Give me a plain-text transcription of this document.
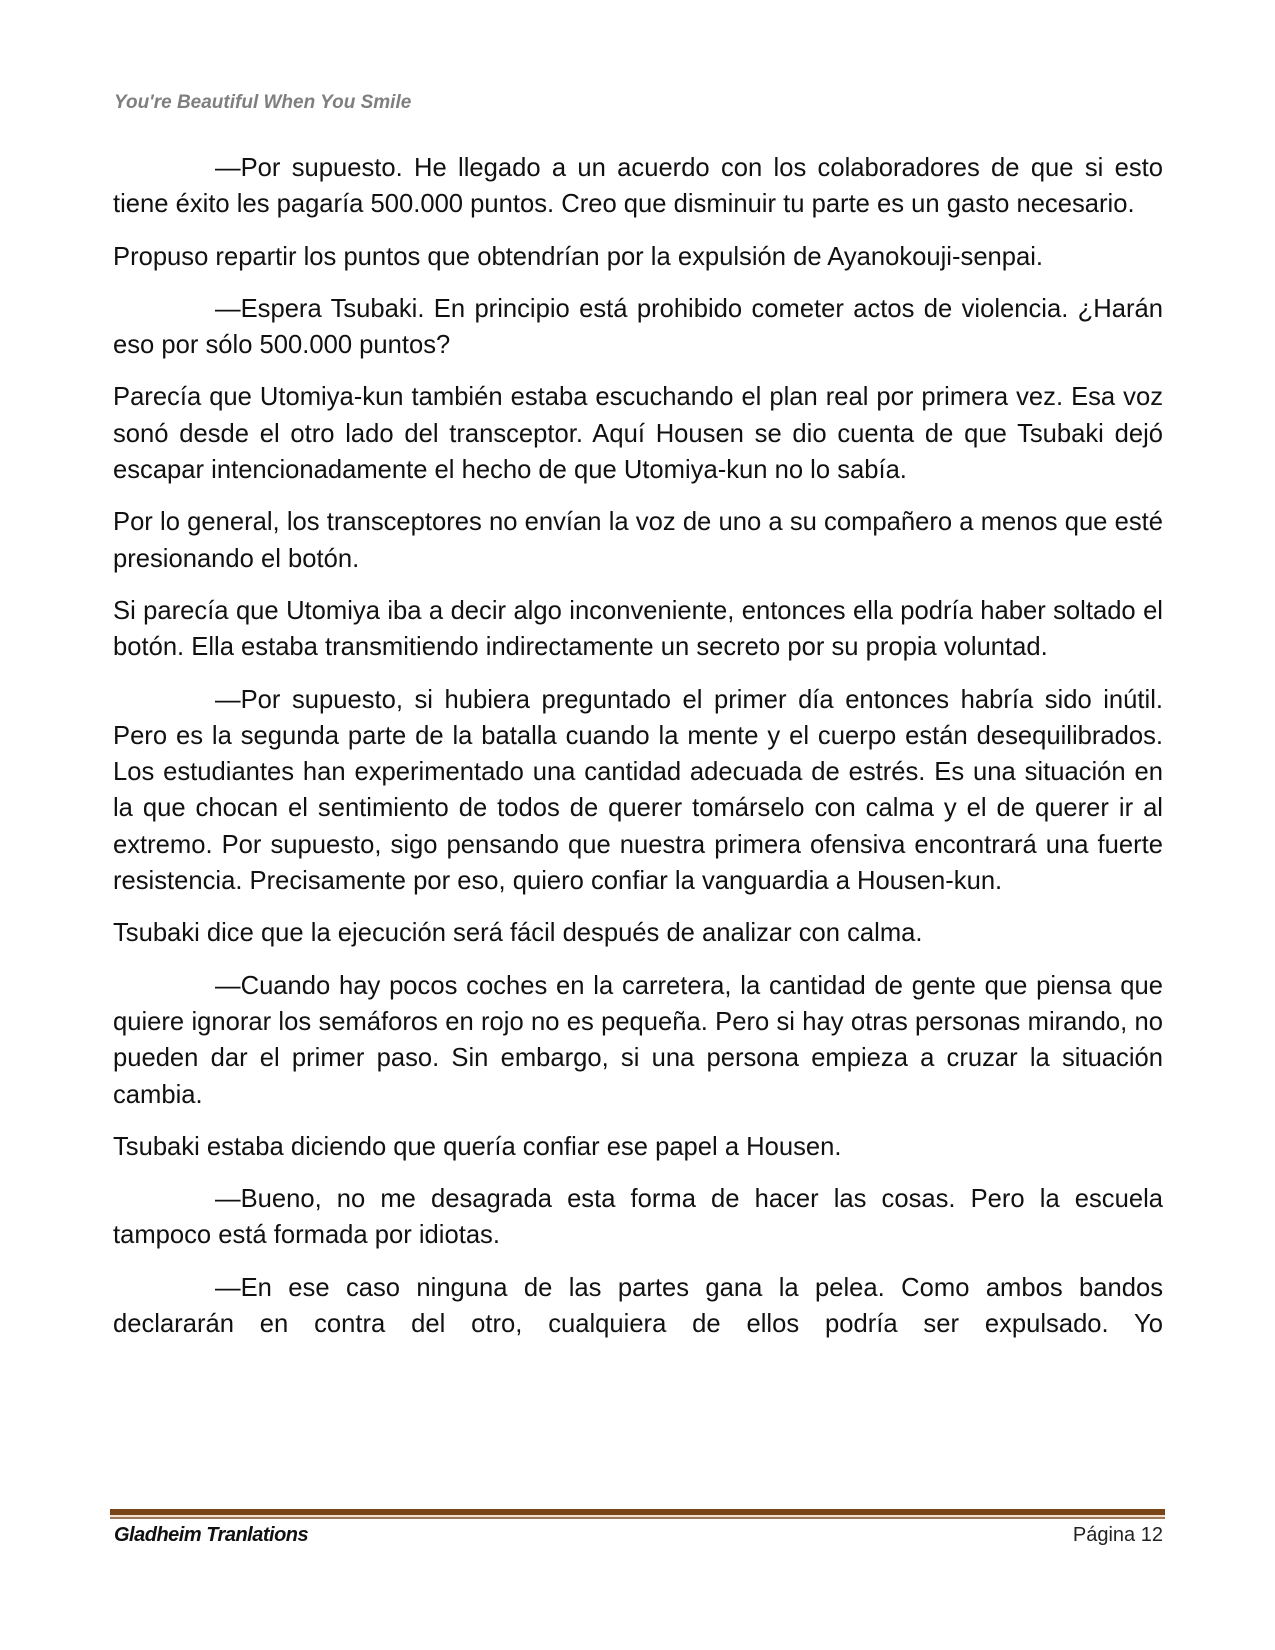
You're Beautiful When You Smile

—Por supuesto. He llegado a un acuerdo con los colaboradores de que si esto tiene éxito les pagaría 500.000 puntos. Creo que disminuir tu parte es un gasto necesario.

Propuso repartir los puntos que obtendrían por la expulsión de Ayanokouji-senpai.

—Espera Tsubaki. En principio está prohibido cometer actos de violencia. ¿Harán eso por sólo 500.000 puntos?

Parecía que Utomiya-kun también estaba escuchando el plan real por primera vez. Esa voz sonó desde el otro lado del transceptor. Aquí Housen se dio cuenta de que Tsubaki dejó escapar intencionadamente el hecho de que Utomiya-kun no lo sabía.

Por lo general, los transceptores no envían la voz de uno a su compañero a menos que esté presionando el botón.

Si parecía que Utomiya iba a decir algo inconveniente, entonces ella podría haber soltado el botón. Ella estaba transmitiendo indirectamente un secreto por su propia voluntad.

—Por supuesto, si hubiera preguntado el primer día entonces habría sido inútil. Pero es la segunda parte de la batalla cuando la mente y el cuerpo están desequilibrados. Los estudiantes han experimentado una cantidad adecuada de estrés. Es una situación en la que chocan el sentimiento de todos de querer tomárselo con calma y el de querer ir al extremo. Por supuesto, sigo pensando que nuestra primera ofensiva encontrará una fuerte resistencia. Precisamente por eso, quiero confiar la vanguardia a Housen-kun.

Tsubaki dice que la ejecución será fácil después de analizar con calma.

—Cuando hay pocos coches en la carretera, la cantidad de gente que piensa que quiere ignorar los semáforos en rojo no es pequeña. Pero si hay otras personas mirando, no pueden dar el primer paso. Sin embargo, si una persona empieza a cruzar la situación cambia.

Tsubaki estaba diciendo que quería confiar ese papel a Housen.

—Bueno, no me desagrada esta forma de hacer las cosas. Pero la escuela tampoco está formada por idiotas.

—En ese caso ninguna de las partes gana la pelea. Como ambos bandos declararán en contra del otro, cualquiera de ellos podría ser expulsado. Yo

Gladheim Tranlations	Página 12
